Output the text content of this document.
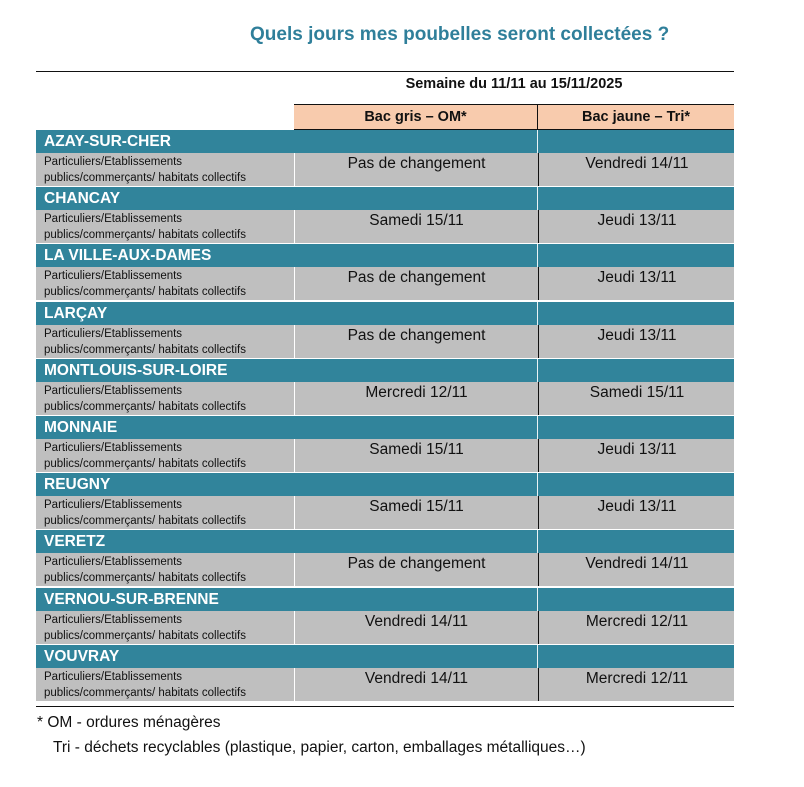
Quels jours mes poubelles seront collectées ?
Semaine du 11/11 au 15/11/2025
Bac gris – OM*	Bac jaune – Tri*
AZAY-SUR-CHER
Particuliers/Etablissements
publics/commerçants/ habitats collectifs
Pas de changement	Vendredi 14/11
CHANCAY
Particuliers/Etablissements
publics/commerçants/ habitats collectifs
Samedi 15/11	Jeudi 13/11
LA VILLE-AUX-DAMES
Particuliers/Etablissements
publics/commerçants/ habitats collectifs
Pas de changement	Jeudi 13/11
LARÇAY
Particuliers/Etablissements
publics/commerçants/ habitats collectifs
Pas de changement	Jeudi 13/11
MONTLOUIS-SUR-LOIRE
Particuliers/Etablissements
publics/commerçants/ habitats collectifs
Mercredi 12/11	Samedi 15/11
MONNAIE
Particuliers/Etablissements
publics/commerçants/ habitats collectifs
Samedi 15/11	Jeudi 13/11
REUGNY
Particuliers/Etablissements
publics/commerçants/ habitats collectifs
Samedi 15/11	Jeudi 13/11
VERETZ
Particuliers/Etablissements
publics/commerçants/ habitats collectifs
Pas de changement	Vendredi 14/11
VERNOU-SUR-BRENNE
Particuliers/Etablissements
publics/commerçants/ habitats collectifs
Vendredi 14/11	Mercredi 12/11
VOUVRAY
Particuliers/Etablissements
publics/commerçants/ habitats collectifs
Vendredi 14/11	Mercredi 12/11
* OM - ordures ménagères
Tri - déchets recyclables (plastique, papier, carton, emballages métalliques…)
